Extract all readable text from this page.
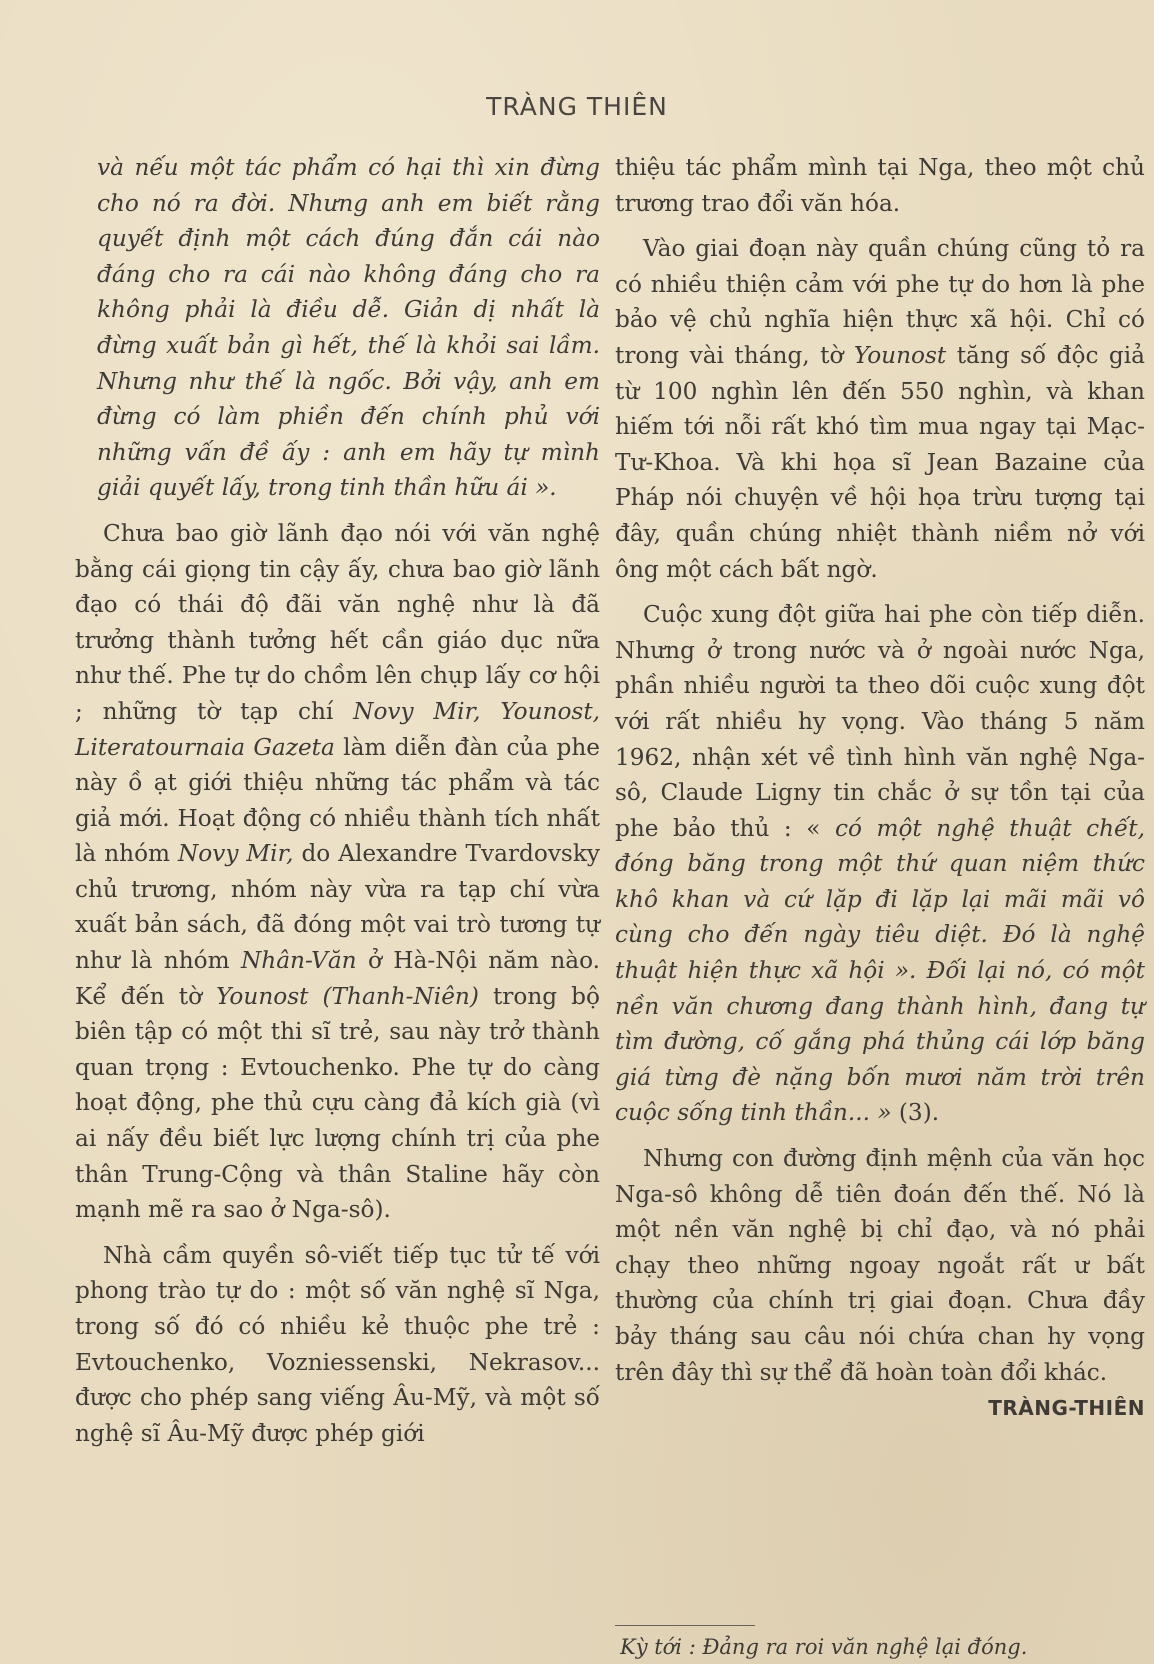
TRÀNG THIÊN

và nếu một tác phẩm có hại thì xin đừng cho nó ra đời. Nhưng anh em biết rằng quyết định một cách đúng đắn cái nào đáng cho ra cái nào không đáng cho ra không phải là điều dễ. Giản dị nhất là đừng xuất bản gì hết, thế là khỏi sai lầm. Nhưng như thế là ngốc. Bởi vậy, anh em đừng có làm phiền đến chính phủ với những vấn đề ấy : anh em hãy tự mình giải quyết lấy, trong tinh thần hữu ái ».

Chưa bao giờ lãnh đạo nói với văn nghệ bằng cái giọng tin cậy ấy, chưa bao giờ lãnh đạo có thái độ đãi văn nghệ như là đã trưởng thành tưởng hết cần giáo dục nữa như thế. Phe tự do chồm lên chụp lấy cơ hội ; những tờ tạp chí Novy Mir, Younost, Literatournaia Gazeta làm diễn đàn của phe này ồ ạt giới thiệu những tác phẩm và tác giả mới. Hoạt động có nhiều thành tích nhất là nhóm Novy Mir, do Alexandre Tvardovsky chủ trương, nhóm này vừa ra tạp chí vừa xuất bản sách, đã đóng một vai trò tương tự như là nhóm Nhân-Văn ở Hà-Nội năm nào. Kể đến tờ Younost (Thanh-Niên) trong bộ biên tập có một thi sĩ trẻ, sau này trở thành quan trọng : Evtouchenko. Phe tự do càng hoạt động, phe thủ cựu càng đả kích già (vì ai nấy đều biết lực lượng chính trị của phe thân Trung-Cộng và thân Staline hãy còn mạnh mẽ ra sao ở Nga-sô).

Nhà cầm quyền sô-viết tiếp tục tử tế với phong trào tự do : một số văn nghệ sĩ Nga, trong số đó có nhiều kẻ thuộc phe trẻ : Evtouchenko, Vozniessenski, Nekrasov... được cho phép sang viếng Âu-Mỹ, và một số nghệ sĩ Âu-Mỹ được phép giới

thiệu tác phẩm mình tại Nga, theo một chủ trương trao đổi văn hóa.

Vào giai đoạn này quần chúng cũng tỏ ra có nhiều thiện cảm với phe tự do hơn là phe bảo vệ chủ nghĩa hiện thực xã hội. Chỉ có trong vài tháng, tờ Younost tăng số độc giả từ 100 nghìn lên đến 550 nghìn, và khan hiếm tới nỗi rất khó tìm mua ngay tại Mạc-Tư-Khoa. Và khi họa sĩ Jean Bazaine của Pháp nói chuyện về hội họa trừu tượng tại đây, quần chúng nhiệt thành niềm nở với ông một cách bất ngờ.

Cuộc xung đột giữa hai phe còn tiếp diễn. Nhưng ở trong nước và ở ngoài nước Nga, phần nhiều người ta theo dõi cuộc xung đột với rất nhiều hy vọng. Vào tháng 5 năm 1962, nhận xét về tình hình văn nghệ Nga-sô, Claude Ligny tin chắc ở sự tồn tại của phe bảo thủ : « có một nghệ thuật chết, đóng băng trong một thứ quan niệm thức khô khan và cứ lặp đi lặp lại mãi mãi vô cùng cho đến ngày tiêu diệt. Đó là nghệ thuật hiện thực xã hội ». Đối lại nó, có một nền văn chương đang thành hình, đang tự tìm đường, cố gắng phá thủng cái lớp băng giá từng đè nặng bốn mươi năm trời trên cuộc sống tinh thần... » (3).

Nhưng con đường định mệnh của văn học Nga-sô không dễ tiên đoán đến thế. Nó là một nền văn nghệ bị chỉ đạo, và nó phải chạy theo những ngoay ngoắt rất ư bất thường của chính trị giai đoạn. Chưa đầy bảy tháng sau câu nói chứa chan hy vọng trên đây thì sự thể đã hoàn toàn đổi khác.

TRÀNG-THIÊN

Kỳ tới : Đảng ra roi văn nghệ lại đóng.
